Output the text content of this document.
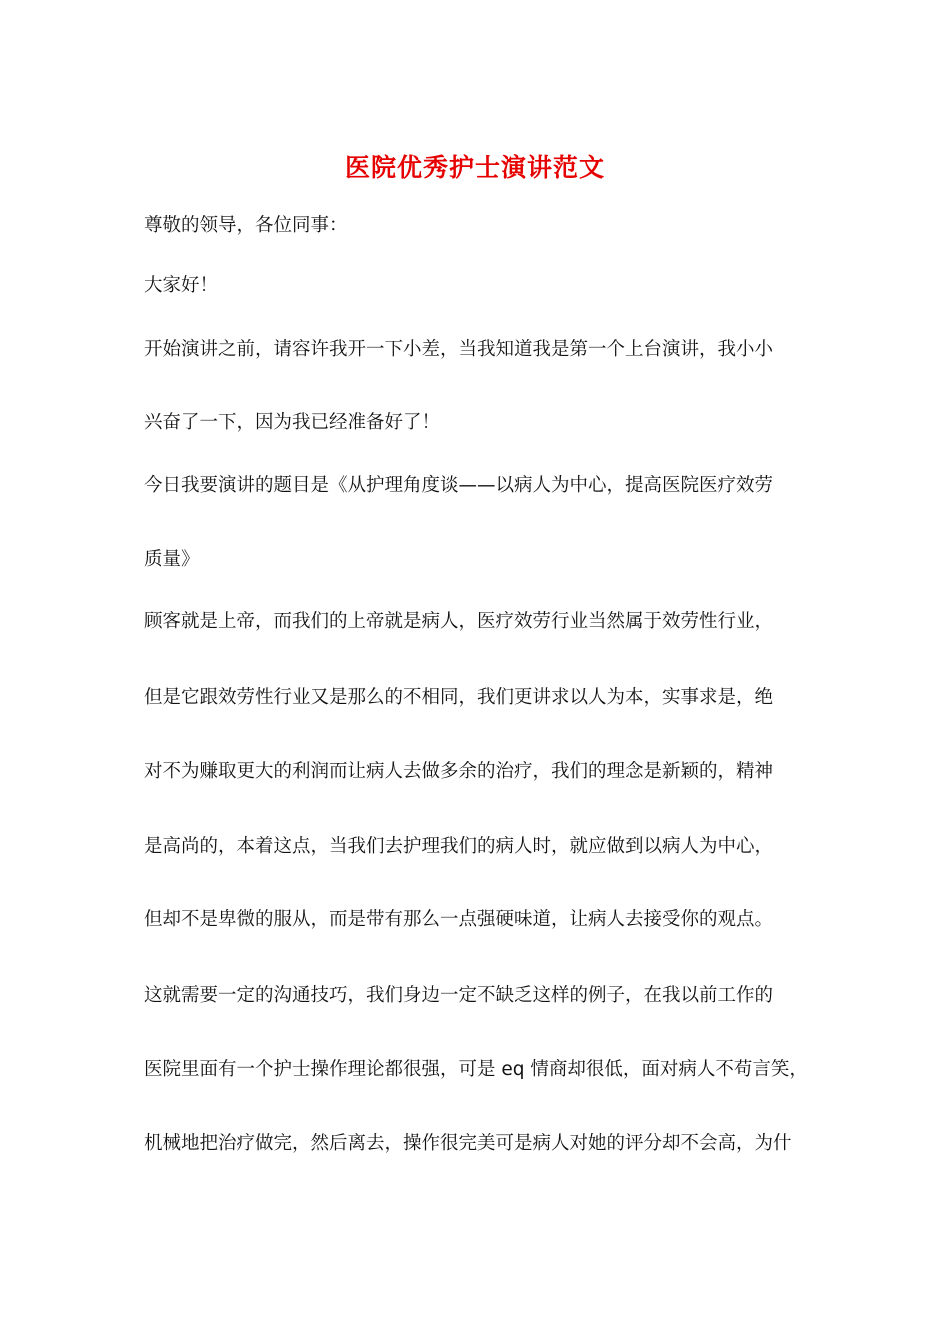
医院优秀护士演讲范文
尊敬的领导，各位同事：
大家好！
开始演讲之前，请容许我开一下小差，当我知道我是第一个上台演讲，我小小
兴奋了一下，因为我已经准备好了！
今日我要演讲的题目是《从护理角度谈——以病人为中心，提高医院医疗效劳
质量》
顾客就是上帝，而我们的上帝就是病人，医疗效劳行业当然属于效劳性行业，
但是它跟效劳性行业又是那么的不相同，我们更讲求以人为本，实事求是，绝
对不为赚取更大的利润而让病人去做多余的治疗，我们的理念是新颖的，精神
是高尚的，本着这点，当我们去护理我们的病人时，就应做到以病人为中心，
但却不是卑微的服从，而是带有那么一点强硬味道，让病人去接受你的观点。
这就需要一定的沟通技巧，我们身边一定不缺乏这样的例子，在我以前工作的
医院里面有一个护士操作理论都很强，可是 eq 情商却很低，面对病人不苟言笑，
机械地把治疗做完，然后离去，操作很完美可是病人对她的评分却不会高，为什
